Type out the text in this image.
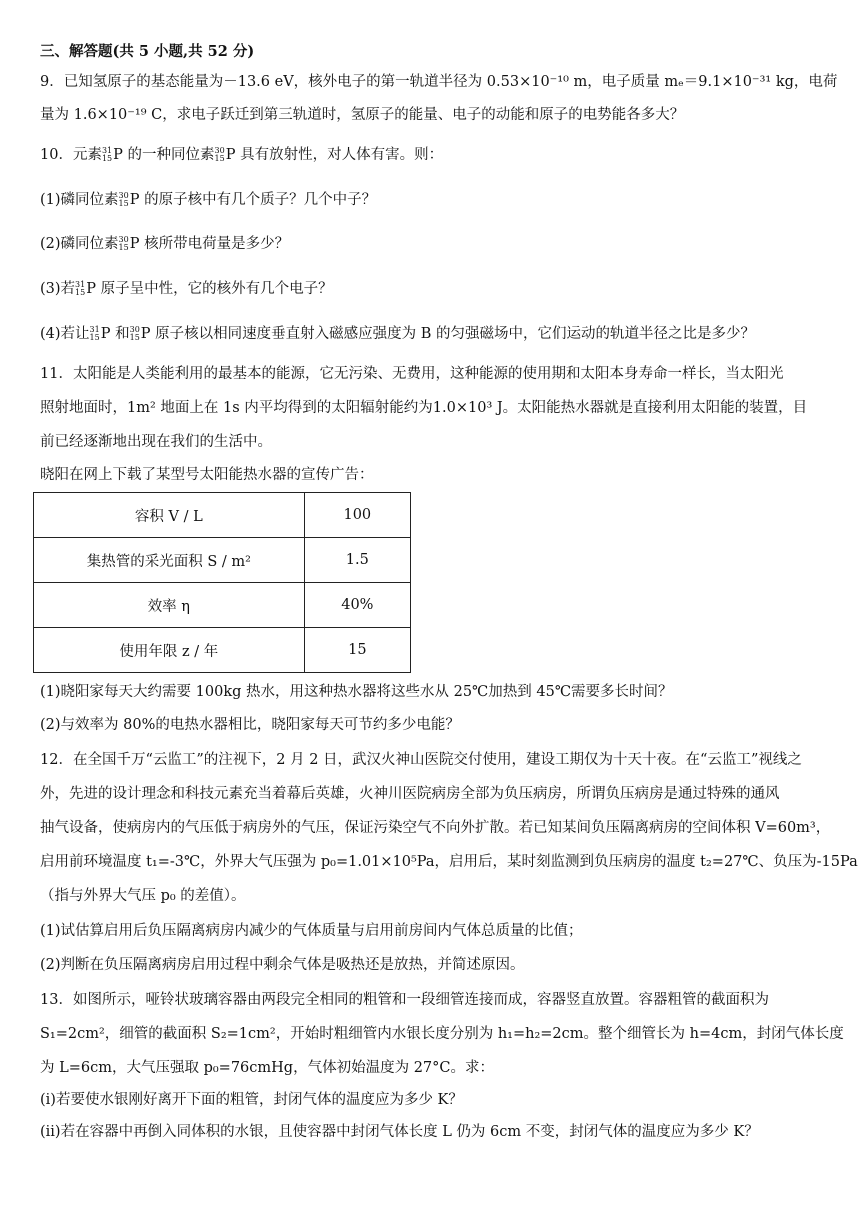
三、解答题(共 5 小题,共 52 分)
9．已知氢原子的基态能量为－13.6 eV，核外电子的第一轨道半径为 0.53×10⁻¹⁰ m，电子质量 mₑ＝9.1×10⁻³¹ kg，电荷
量为 1.6×10⁻¹⁹ C，求电子跃迁到第三轨道时，氢原子的能量、电子的动能和原子的电势能各多大？
10．元素 31
15 P 的一种同位素 30
15 P 具有放射性，对人体有害。则：
(1)磷同位素 30
15 P 的原子核中有几个质子？几个中子？
(2)磷同位素 30
15 P 核所带电荷量是多少？
(3)若 31
15 P 原子呈中性，它的核外有几个电子？
(4)若让 31
15 P 和 30
15 P 原子核以相同速度垂直射入磁感应强度为 B 的匀强磁场中，它们运动的轨道半径之比是多少？
11．太阳能是人类能利用的最基本的能源，它无污染、无费用，这种能源的使用期和太阳本身寿命一样长，当太阳光
照射地面时，1m² 地面上在 1s 内平均得到的太阳辐射能约为1.0×10³ J。太阳能热水器就是直接利用太阳能的装置，目
前已经逐渐地出现在我们的生活中。
晓阳在网上下载了某型号太阳能热水器的宣传广告：
容积 V / L	100
集热管的采光面积 S / m²	1.5
效率 η	40%
使用年限 z / 年	15
(1)晓阳家每天大约需要 100kg 热水，用这种热水器将这些水从 25℃加热到 45℃需要多长时间？
(2)与效率为 80%的电热水器相比，晓阳家每天可节约多少电能？
12．在全国千万“云监工”的注视下，2 月 2 日，武汉火神山医院交付使用，建设工期仅为十天十夜。在“云监工”视线之
外，先进的设计理念和科技元素充当着幕后英雄，火神川医院病房全部为负压病房，所谓负压病房是通过特殊的通风
抽气设备，使病房内的气压低于病房外的气压，保证污染空气不向外扩散。若已知某间负压隔离病房的空间体积 V=60m³，
启用前环境温度 t₁=-3℃，外界大气压强为 p₀=1.01×10⁵Pa，启用后，某时刻监测到负压病房的温度 t₂=27℃、负压为-15Pa
（指与外界大气压 p₀ 的差值）。
(1)试估算启用后负压隔离病房内减少的气体质量与启用前房间内气体总质量的比值；
(2)判断在负压隔离病房启用过程中剩余气体是吸热还是放热，并简述原因。
13．如图所示，哑铃状玻璃容器由两段完全相同的粗管和一段细管连接而成，容器竖直放置。容器粗管的截面积为
S₁=2cm²，细管的截面积 S₂=1cm²，开始时粗细管内水银长度分别为 h₁=h₂=2cm。整个细管长为 h=4cm，封闭气体长度
为 L=6cm，大气压强取 p₀=76cmHg，气体初始温度为 27°C。求：
(i)若要使水银刚好离开下面的粗管，封闭气体的温度应为多少 K？
(ii)若在容器中再倒入同体积的水银，且使容器中封闭气体长度 L 仍为 6cm 不变，封闭气体的温度应为多少 K？
